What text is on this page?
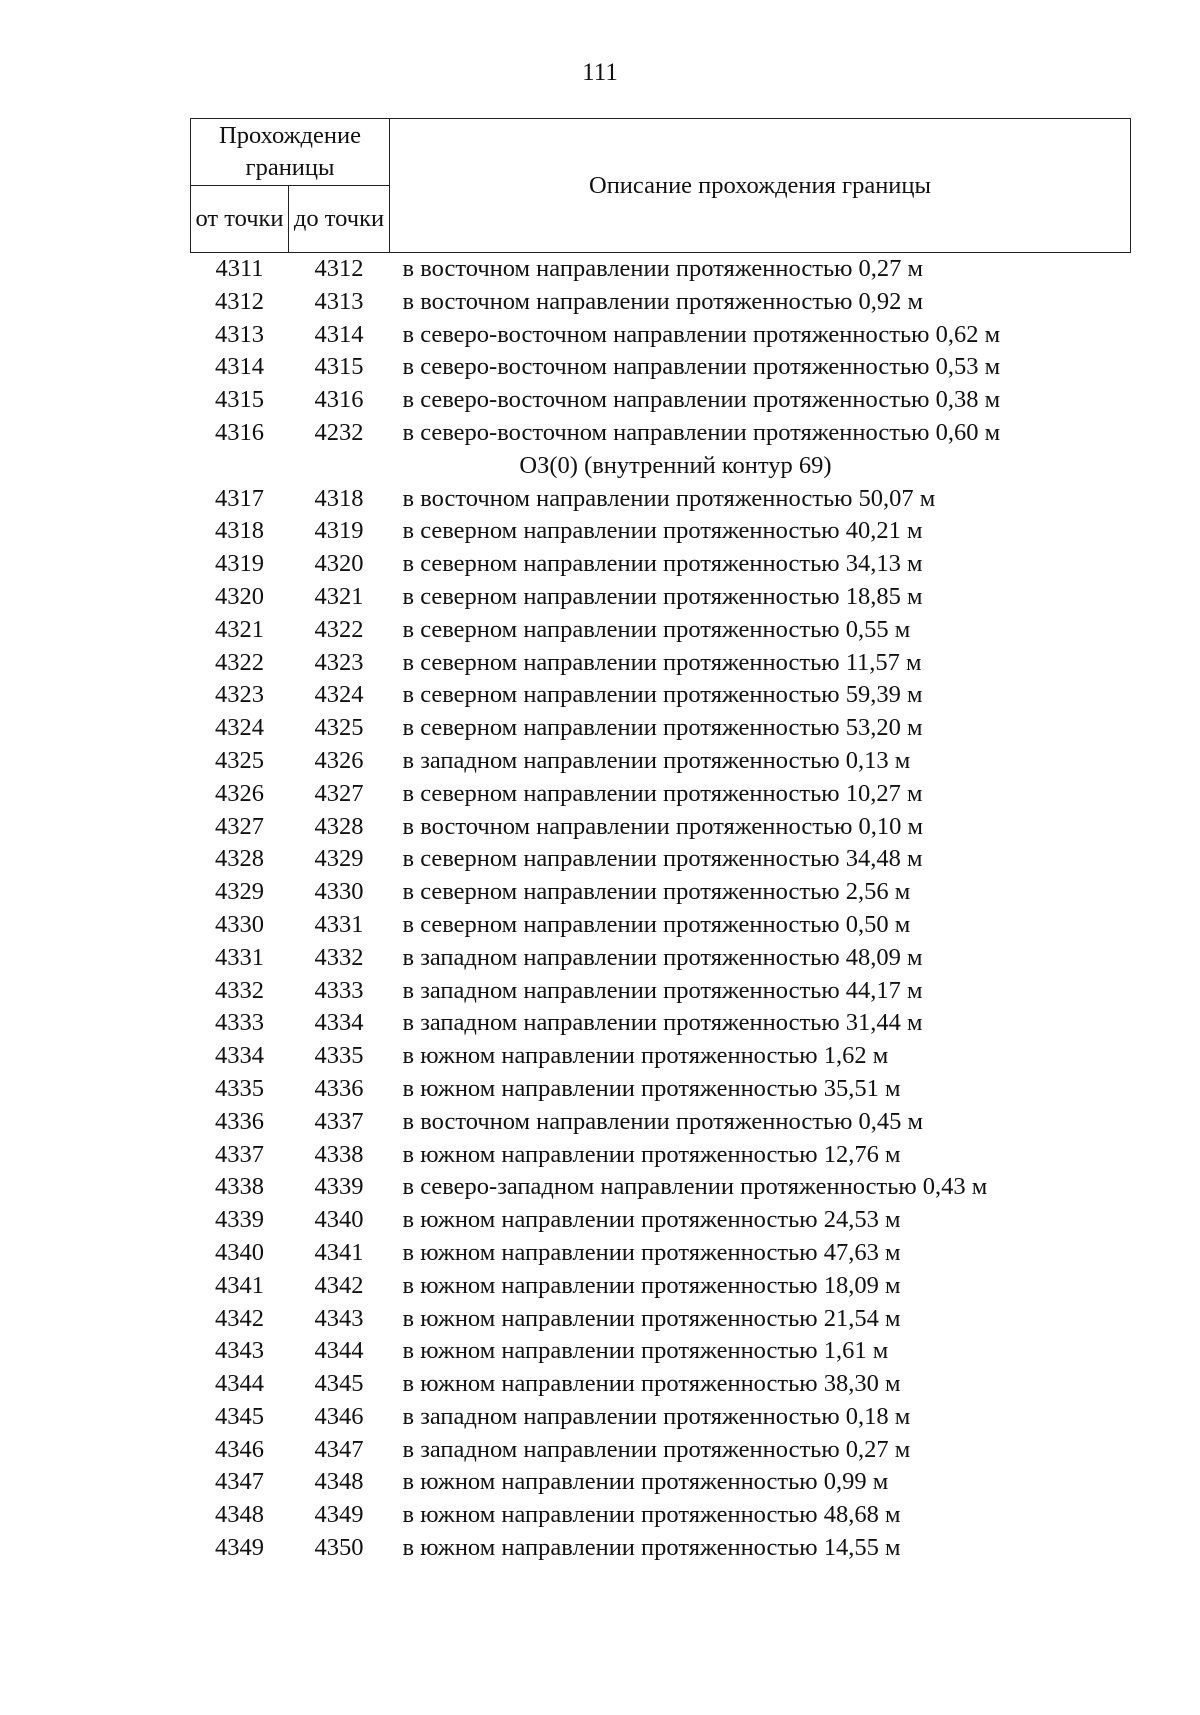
111
Прохождение границы		Описание прохождения границы
от точки	до точки	
4311	4312	в восточном направлении протяженностью 0,27 м
4312	4313	в восточном направлении протяженностью 0,92 м
4313	4314	в северо-восточном направлении протяженностью 0,62 м
4314	4315	в северо-восточном направлении протяженностью 0,53 м
4315	4316	в северо-восточном направлении протяженностью 0,38 м
4316	4232	в северо-восточном направлении протяженностью 0,60 м
ОЗ(0) (внутренний контур 69)		
4317	4318	в восточном направлении протяженностью 50,07 м
4318	4319	в северном направлении протяженностью 40,21 м
4319	4320	в северном направлении протяженностью 34,13 м
4320	4321	в северном направлении протяженностью 18,85 м
4321	4322	в северном направлении протяженностью 0,55 м
4322	4323	в северном направлении протяженностью 11,57 м
4323	4324	в северном направлении протяженностью 59,39 м
4324	4325	в северном направлении протяженностью 53,20 м
4325	4326	в западном направлении протяженностью 0,13 м
4326	4327	в северном направлении протяженностью 10,27 м
4327	4328	в восточном направлении протяженностью 0,10 м
4328	4329	в северном направлении протяженностью 34,48 м
4329	4330	в северном направлении протяженностью 2,56 м
4330	4331	в северном направлении протяженностью 0,50 м
4331	4332	в западном направлении протяженностью 48,09 м
4332	4333	в западном направлении протяженностью 44,17 м
4333	4334	в западном направлении протяженностью 31,44 м
4334	4335	в южном направлении протяженностью 1,62 м
4335	4336	в южном направлении протяженностью 35,51 м
4336	4337	в восточном направлении протяженностью 0,45 м
4337	4338	в южном направлении протяженностью 12,76 м
4338	4339	в северо-западном направлении протяженностью 0,43 м
4339	4340	в южном направлении протяженностью 24,53 м
4340	4341	в южном направлении протяженностью 47,63 м
4341	4342	в южном направлении протяженностью 18,09 м
4342	4343	в южном направлении протяженностью 21,54 м
4343	4344	в южном направлении протяженностью 1,61 м
4344	4345	в южном направлении протяженностью 38,30 м
4345	4346	в западном направлении протяженностью 0,18 м
4346	4347	в западном направлении протяженностью 0,27 м
4347	4348	в южном направлении протяженностью 0,99 м
4348	4349	в южном направлении протяженностью 48,68 м
4349	4350	в южном направлении протяженностью 14,55 м
